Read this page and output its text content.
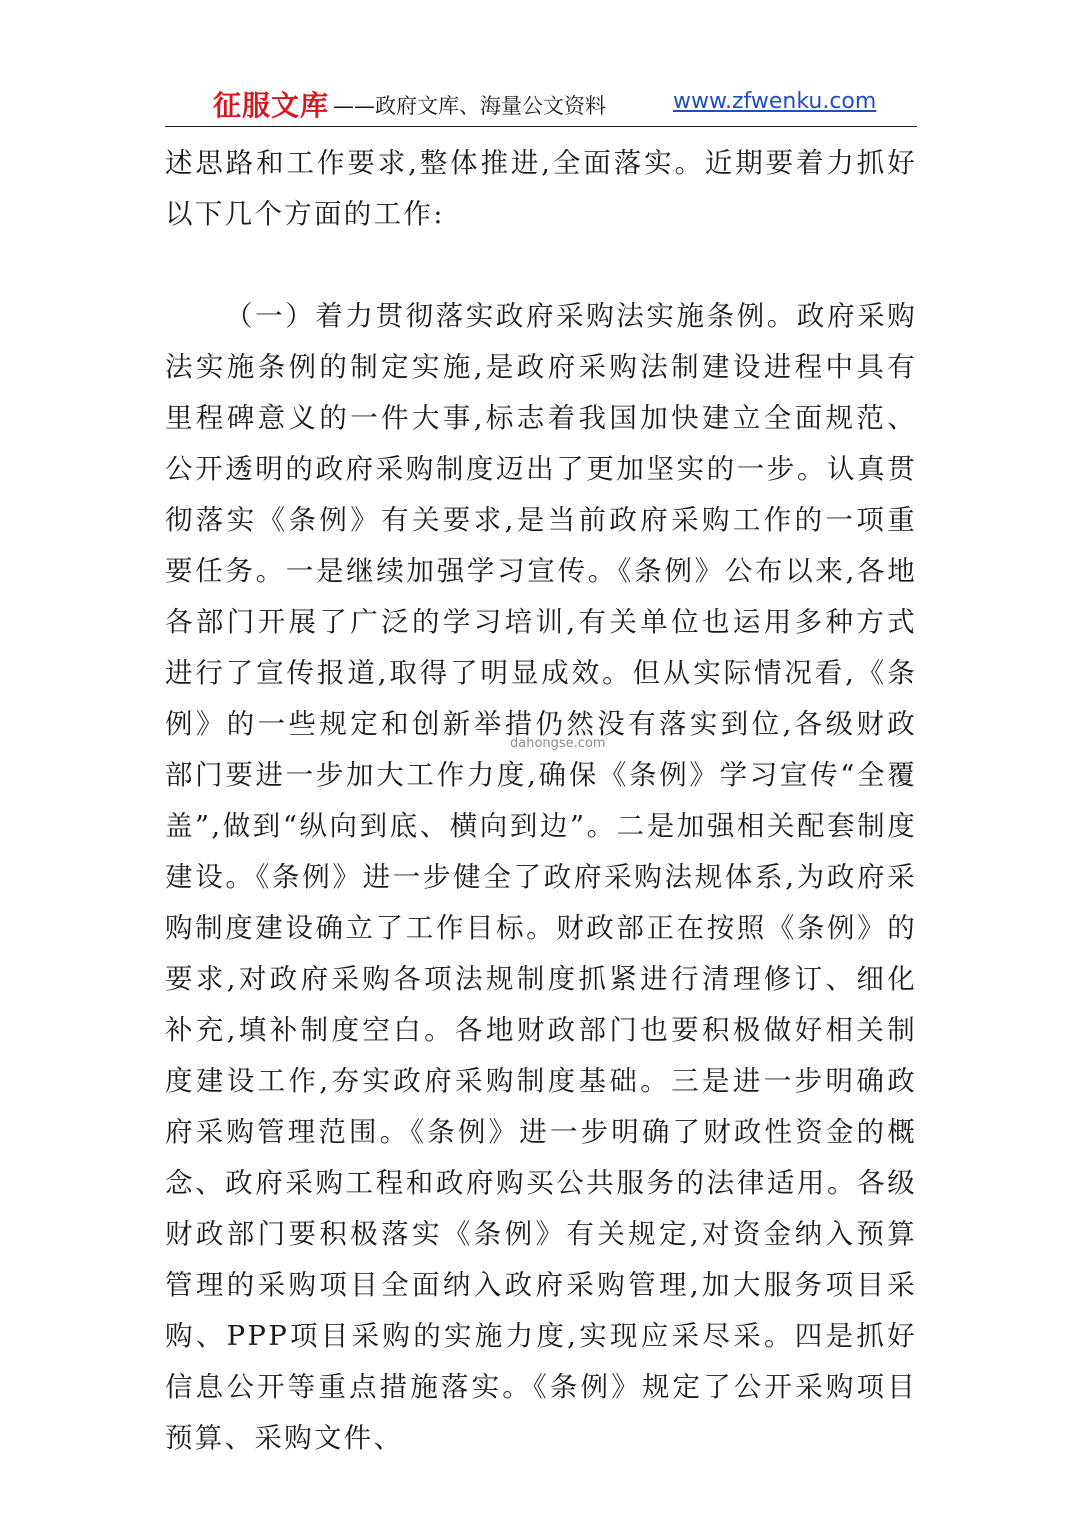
征服文库 ——政府文库、海量公文资料	www.zfwenku.com

述思路和工作要求,整体推进,全面落实。近期要着力抓好以下几个方面的工作:

（一）着力贯彻落实政府采购法实施条例。政府采购法实施条例的制定实施,是政府采购法制建设进程中具有里程碑意义的一件大事,标志着我国加快建立全面规范、公开透明的政府采购制度迈出了更加坚实的一步。认真贯彻落实《条例》有关要求,是当前政府采购工作的一项重要任务。一是继续加强学习宣传。《条例》公布以来,各地各部门开展了广泛的学习培训,有关单位也运用多种方式进行了宣传报道,取得了明显成效。但从实际情况看,《条例》的一些规定和创新举措仍然没有落实到位,各级财政部门要进一步加大工作力度,确保《条例》学习宣传“全覆盖”,做到“纵向到底、横向到边”。二是加强相关配套制度建设。《条例》进一步健全了政府采购法规体系,为政府采购制度建设确立了工作目标。财政部正在按照《条例》的要求,对政府采购各项法规制度抓紧进行清理修订、细化补充,填补制度空白。各地财政部门也要积极做好相关制度建设工作,夯实政府采购制度基础。三是进一步明确政府采购管理范围。《条例》进一步明确了财政性资金的概念、政府采购工程和政府购买公共服务的法律适用。各级财政部门要积极落实《条例》有关规定,对资金纳入预算管理的采购项目全面纳入政府采购管理,加大服务项目采购、PPP项目采购的实施力度,实现应采尽采。四是抓好信息公开等重点措施落实。《条例》规定了公开采购项目预算、采购文件、

dahongse.com
